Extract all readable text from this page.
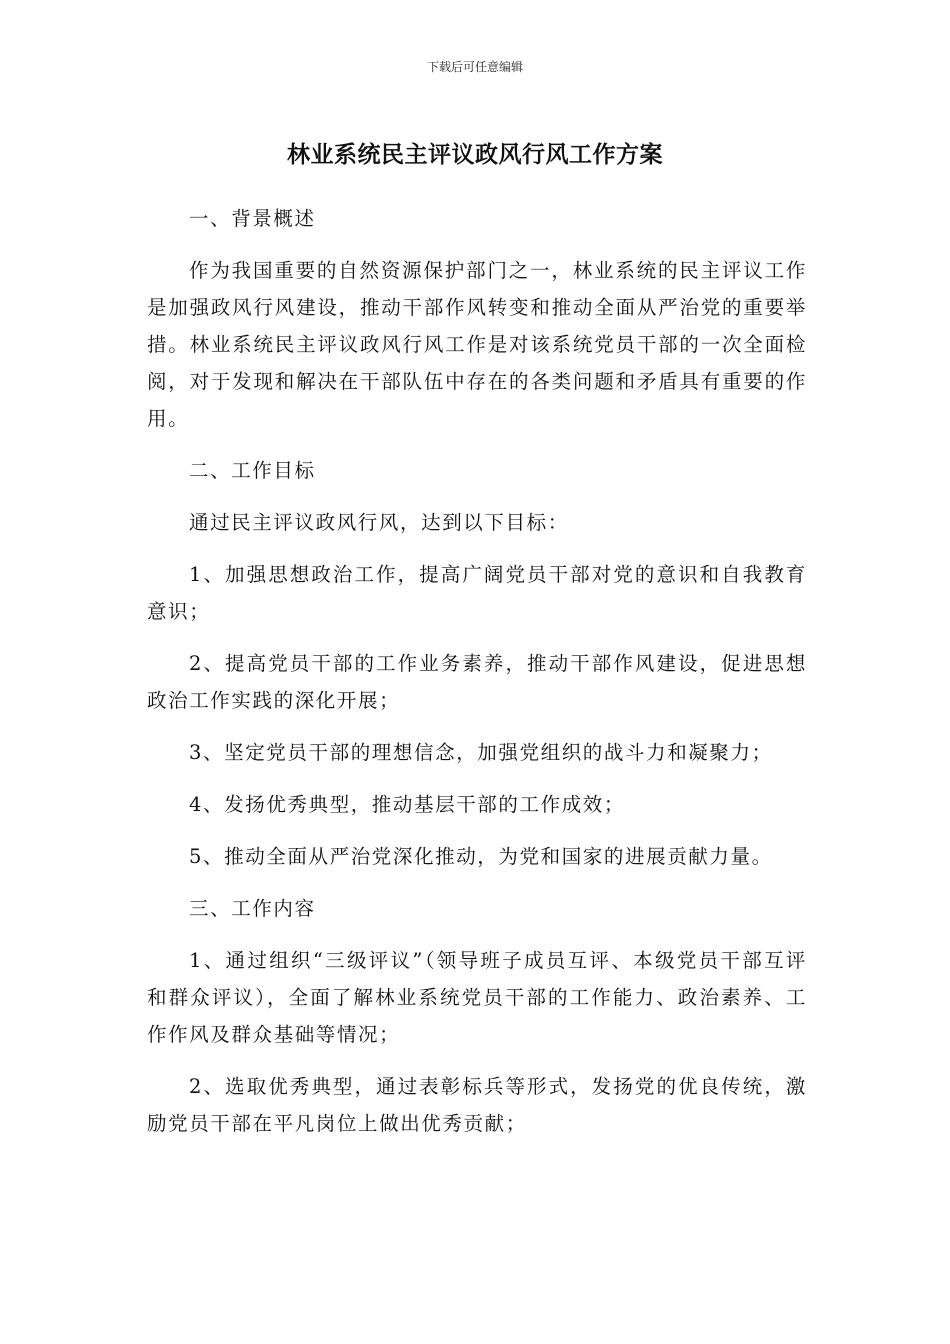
下载后可任意编辑
林业系统民主评议政风行风工作方案

一、背景概述

作为我国重要的自然资源保护部门之一，林业系统的民主评议工作是加强政风行风建设，推动干部作风转变和推动全面从严治党的重要举措。林业系统民主评议政风行风工作是对该系统党员干部的一次全面检阅，对于发现和解决在干部队伍中存在的各类问题和矛盾具有重要的作用。

二、工作目标

通过民主评议政风行风，达到以下目标：

1、加强思想政治工作，提高广阔党员干部对党的意识和自我教育意识；

2、提高党员干部的工作业务素养，推动干部作风建设，促进思想政治工作实践的深化开展；

3、坚定党员干部的理想信念，加强党组织的战斗力和凝聚力；

4、发扬优秀典型，推动基层干部的工作成效；

5、推动全面从严治党深化推动，为党和国家的进展贡献力量。

三、工作内容

1、通过组织“三级评议”（领导班子成员互评、本级党员干部互评和群众评议），全面了解林业系统党员干部的工作能力、政治素养、工作作风及群众基础等情况；

2、选取优秀典型，通过表彰标兵等形式，发扬党的优良传统，激励党员干部在平凡岗位上做出优秀贡献；
